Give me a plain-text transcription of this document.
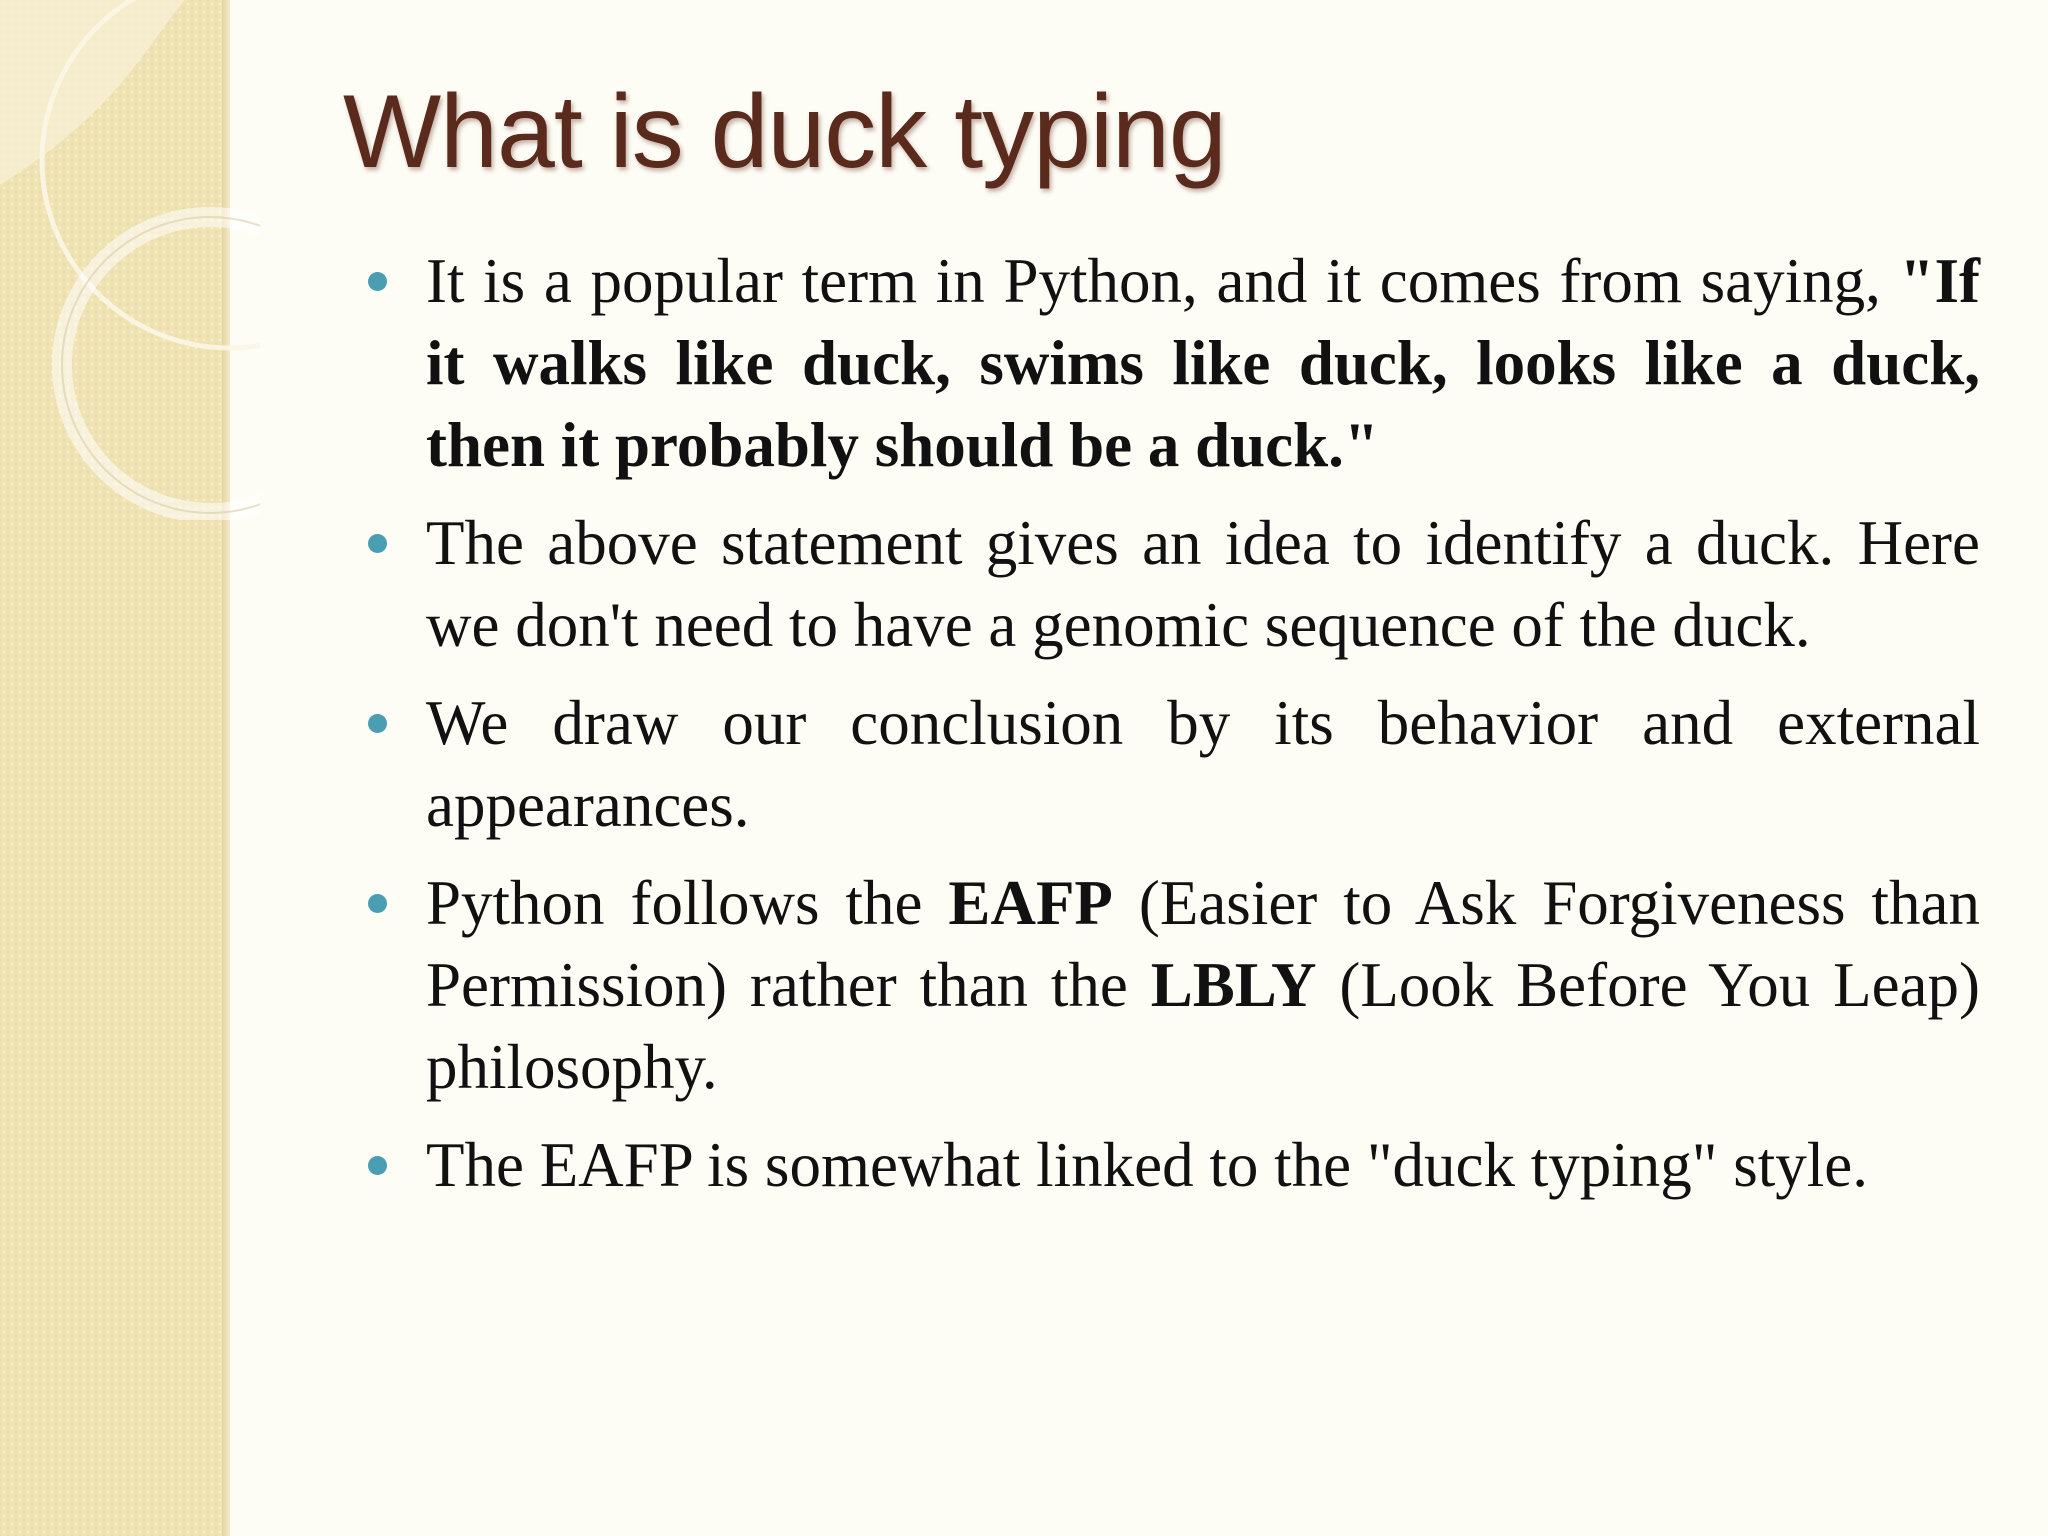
What is duck typing
It is a popular term in Python, and it comes from saying, "If it walks like duck, swims like duck, looks like a duck, then it probably should be a duck."
The above statement gives an idea to identify a duck. Here we don't need to have a genomic sequence of the duck.
We draw our conclusion by its behavior and external appearances.
Python follows the EAFP (Easier to Ask Forgiveness than Permission) rather than the LBLY (Look Before You Leap) philosophy.
The EAFP is somewhat linked to the "duck typing" style.
